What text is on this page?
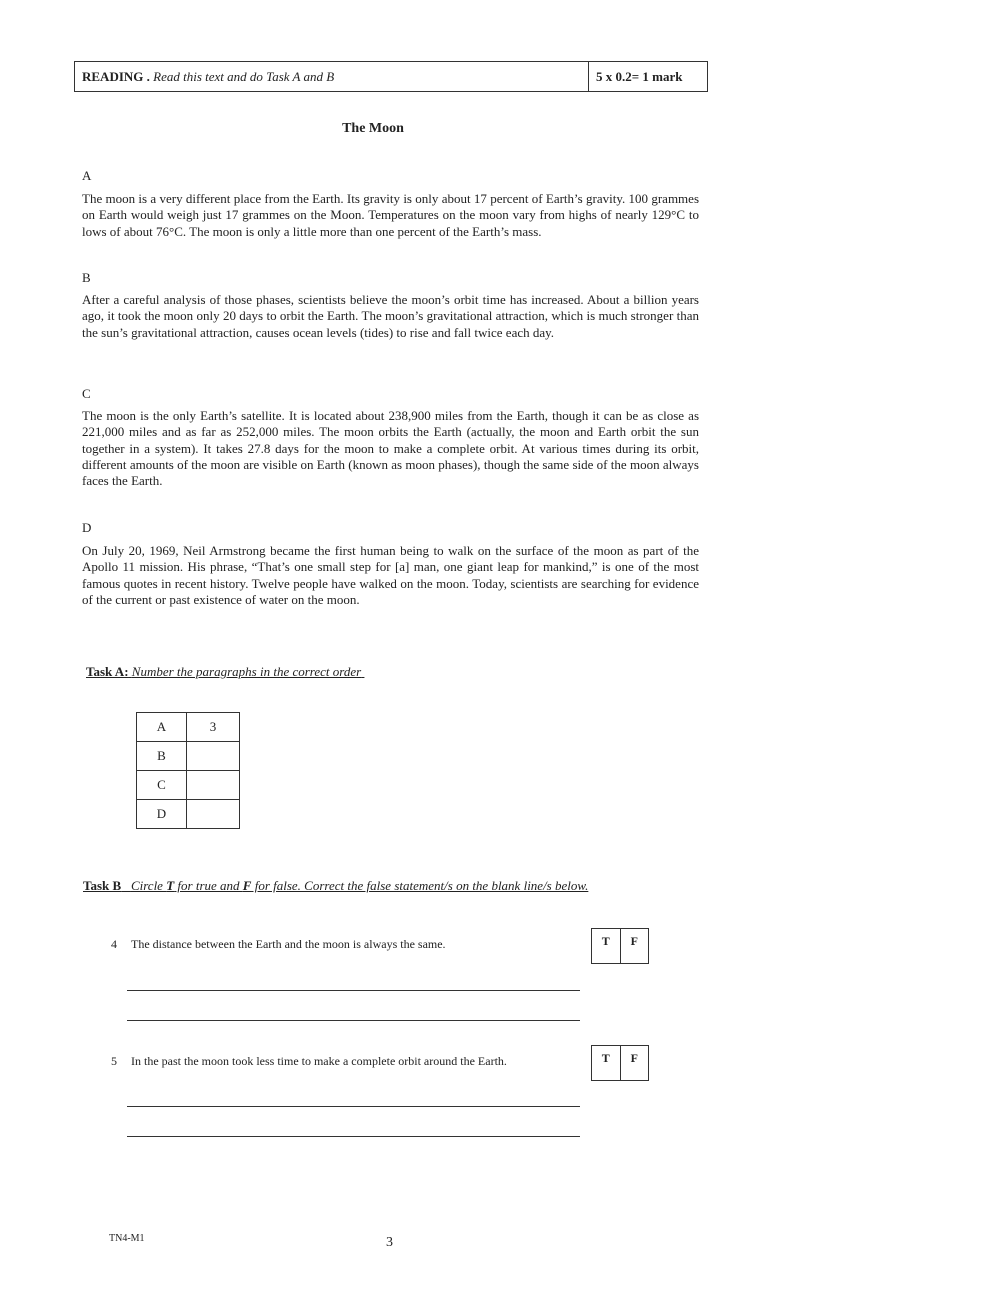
READING . Read this text and do Task A and B	5 x 0.2= 1 mark
The Moon
A
The moon is a very different place from the Earth. Its gravity is only about 17 percent of Earth’s gravity. 100 grammes on Earth would weigh just 17 grammes on the Moon. Temperatures on the moon vary from highs of nearly 129°C to lows of about 76°C. The moon is only a little more than one percent of the Earth’s mass.
B
After a careful analysis of those phases, scientists believe the moon’s orbit time has increased. About a billion years ago, it took the moon only 20 days to orbit the Earth. The moon’s gravitational attraction, which is much stronger than the sun’s gravitational attraction, causes ocean levels (tides) to rise and fall twice each day.
C
The moon is the only Earth’s satellite. It is located about 238,900 miles from the Earth, though it can be as close as 221,000 miles and as far as 252,000 miles. The moon orbits the Earth (actually, the moon and Earth orbit the sun together in a system). It takes 27.8 days for the moon to make a complete orbit. At various times during its orbit, different amounts of the moon are visible on Earth (known as moon phases), though the same side of the moon always faces the Earth.
D
On July 20, 1969, Neil Armstrong became the first human being to walk on the surface of the moon as part of the Apollo 11 mission. His phrase, “That’s one small step for [a] man, one giant leap for mankind,” is one of the most famous quotes in recent history. Twelve people have walked on the moon. Today, scientists are searching for evidence of the current or past existence of water on the moon.
Task A: Number the paragraphs in the correct order
A	3
B	
C	
D	
Task B Circle T for true and F for false. Correct the false statement/s on the blank line/s below.
4 The distance between the Earth and the moon is always the same.	T	F
5 In the past the moon took less time to make a complete orbit around the Earth.	T	F
TN4-M1	3
